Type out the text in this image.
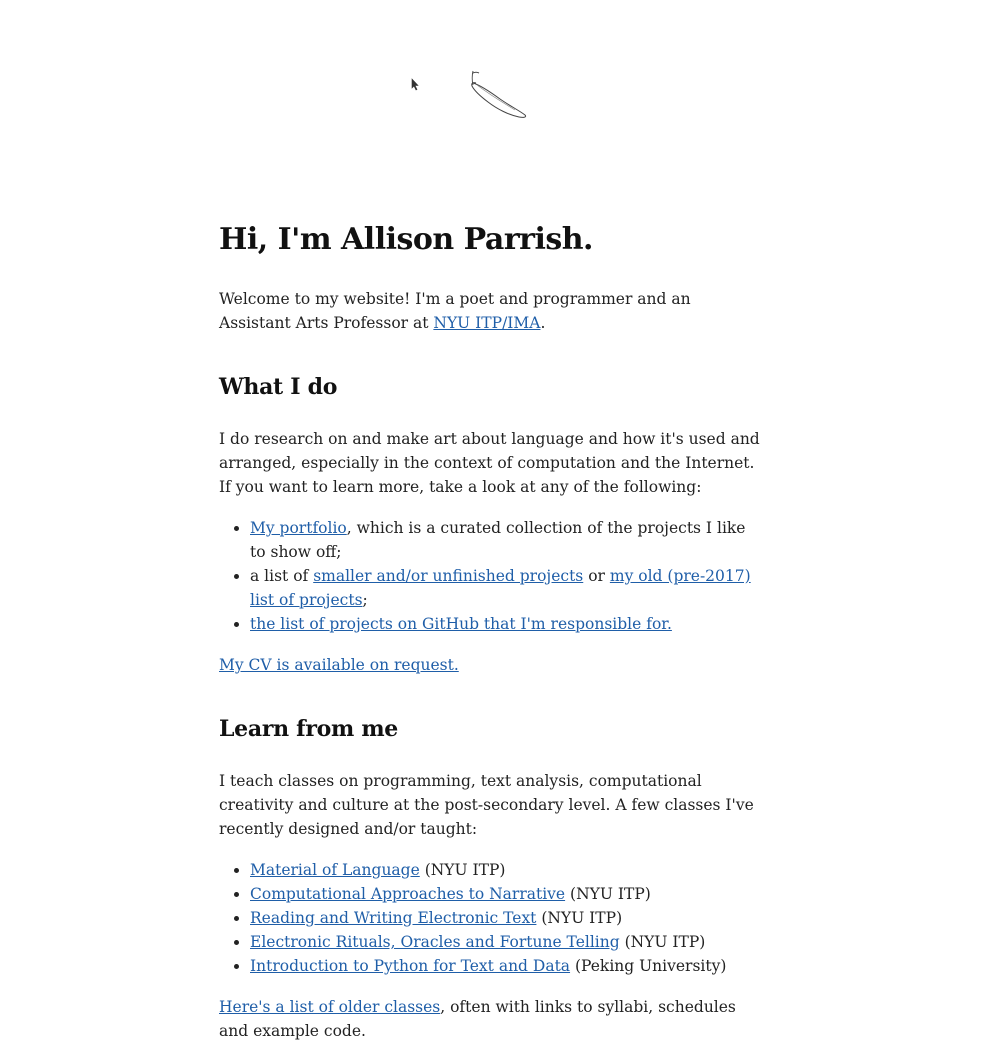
Hi, I'm Allison Parrish.

Welcome to my website! I'm a poet and programmer and an Assistant Arts Professor at NYU ITP/IMA.

What I do

I do research on and make art about language and how it's used and arranged, especially in the context of computation and the Internet. If you want to learn more, take a look at any of the following:

• My portfolio, which is a curated collection of the projects I like to show off;
• a list of smaller and/or unfinished projects or my old (pre-2017) list of projects;
• the list of projects on GitHub that I'm responsible for.

My CV is available on request.

Learn from me

I teach classes on programming, text analysis, computational creativity and culture at the post-secondary level. A few classes I've recently designed and/or taught:

• Material of Language (NYU ITP)
• Computational Approaches to Narrative (NYU ITP)
• Reading and Writing Electronic Text (NYU ITP)
• Electronic Rituals, Oracles and Fortune Telling (NYU ITP)
• Introduction to Python for Text and Data (Peking University)

Here's a list of older classes, often with links to syllabi, schedules and example code.
